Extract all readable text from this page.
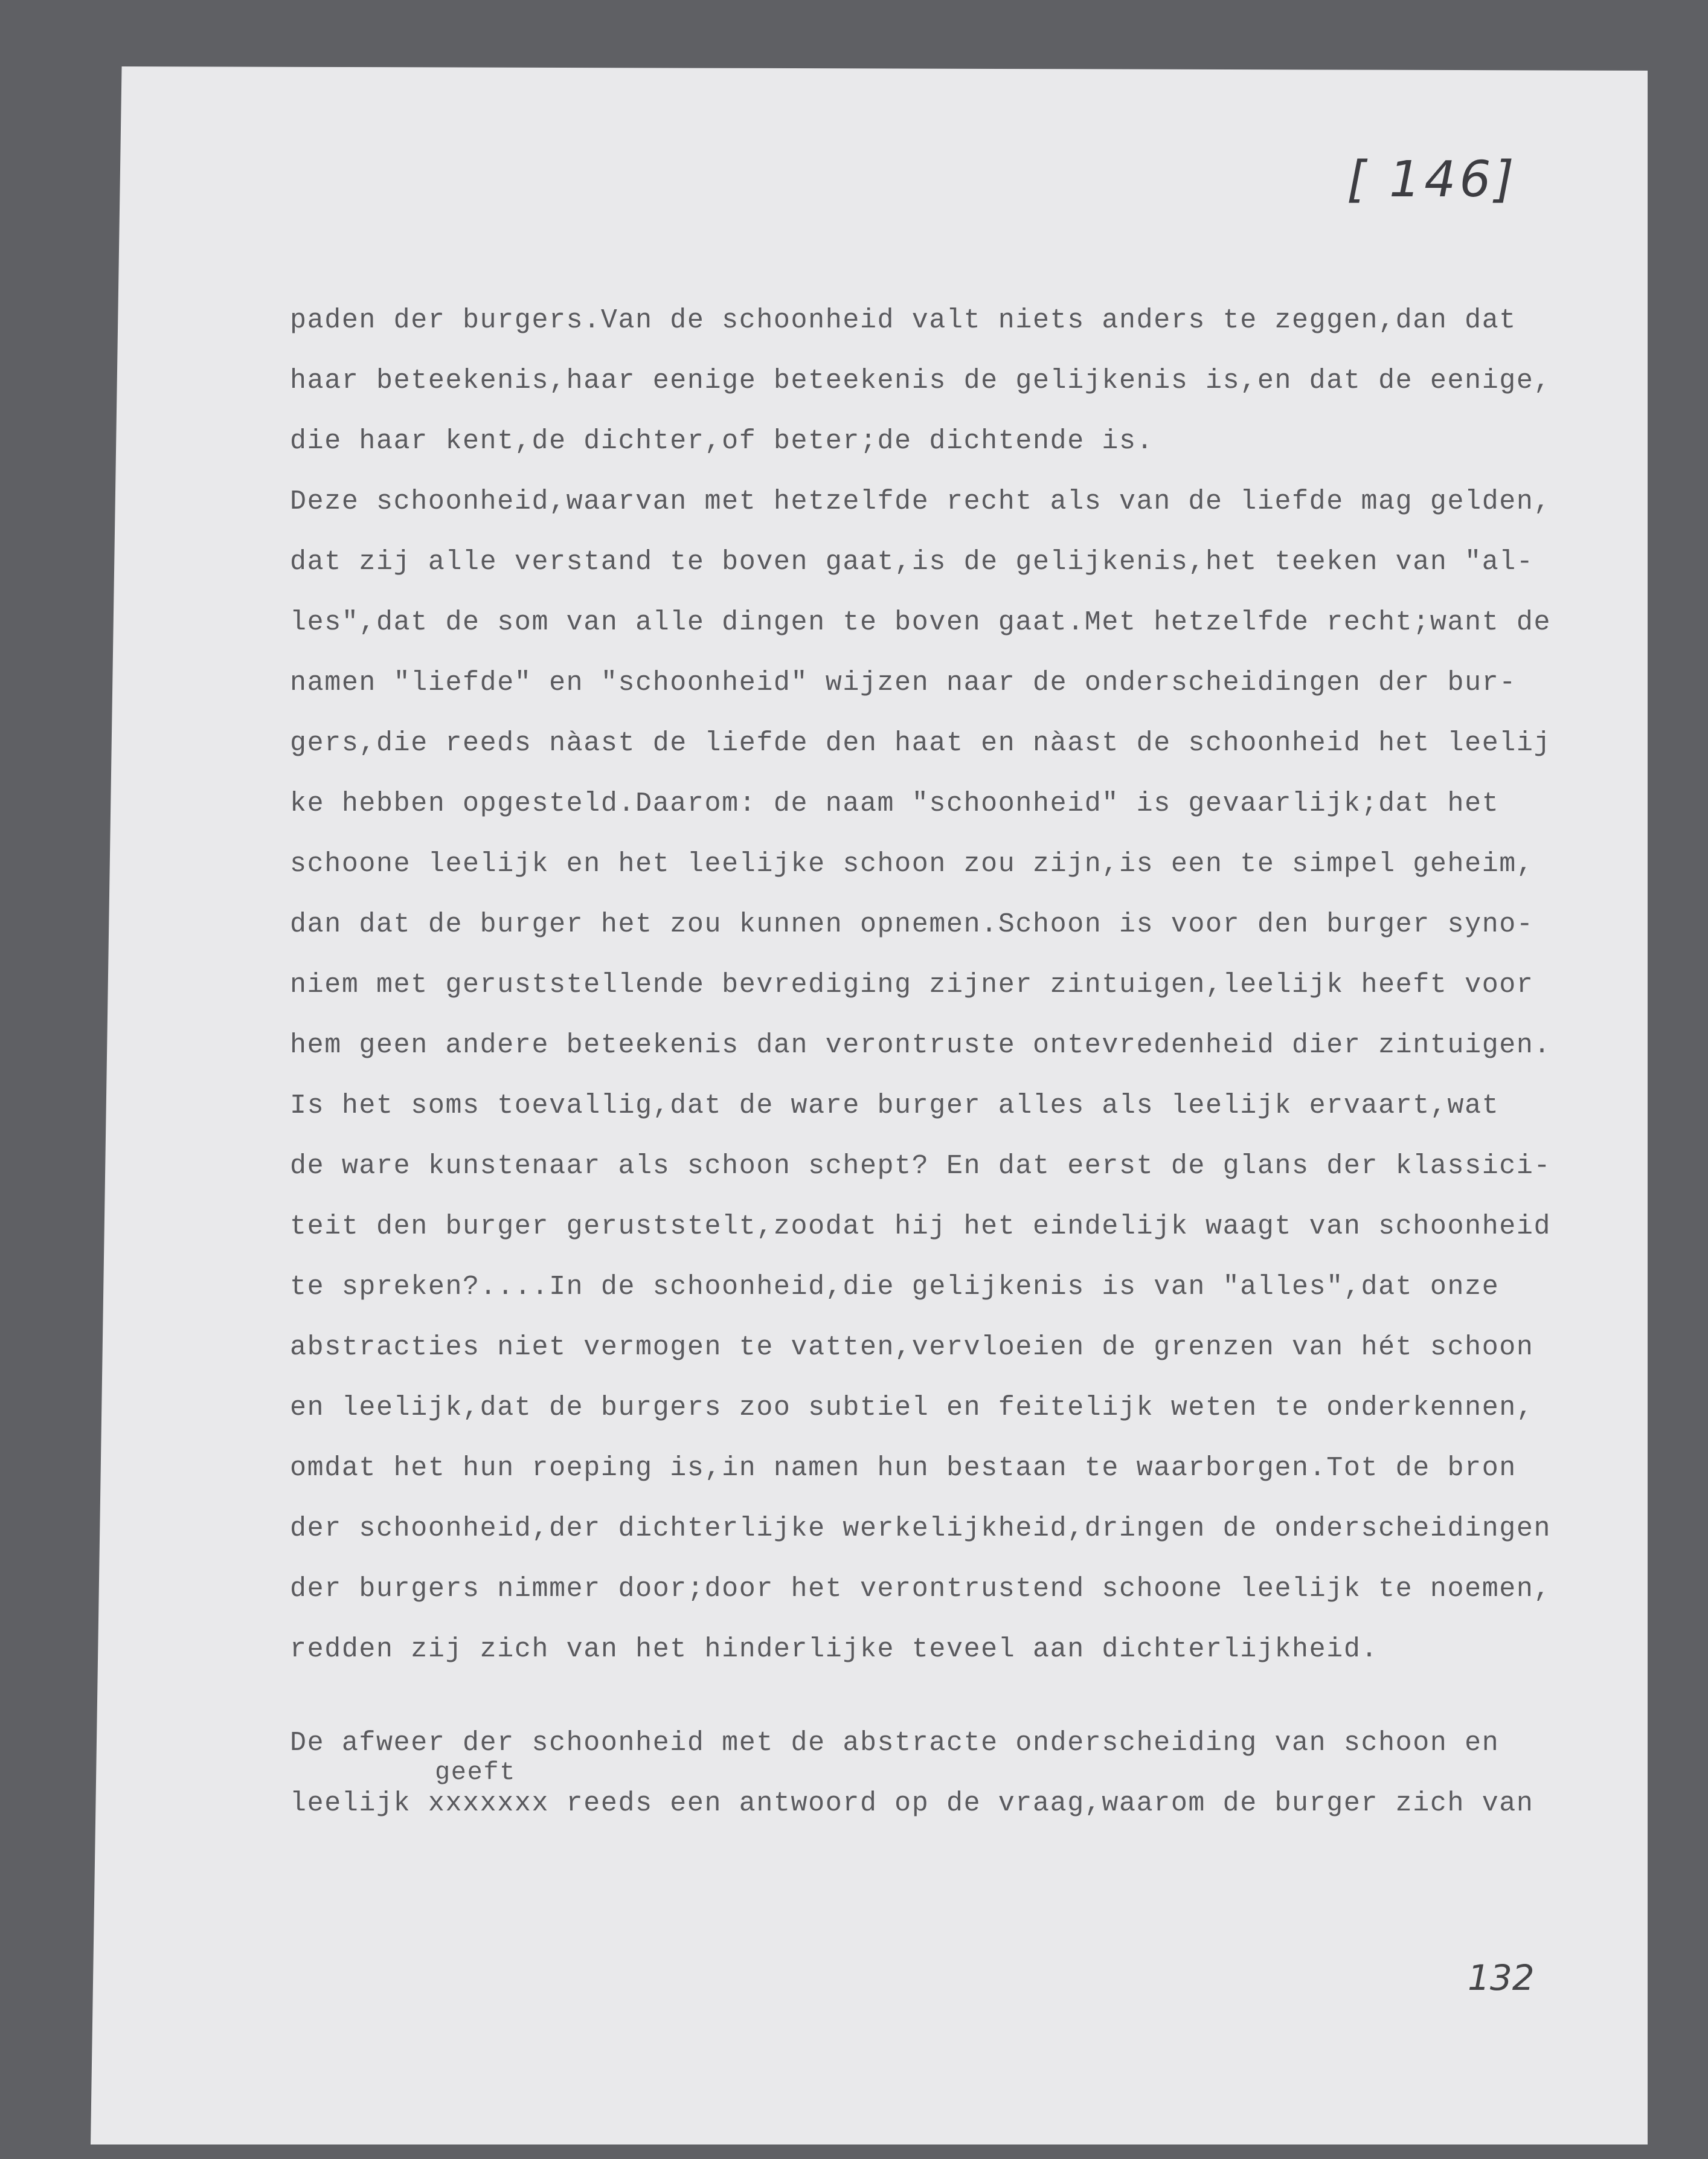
[ 146]
paden der burgers.Van de schoonheid valt niets anders te zeggen,dan dat
haar beteekenis,haar eenige beteekenis de gelijkenis is,en dat de eenige,
die haar kent,de dichter,of beter;de dichtende is.
Deze schoonheid,waarvan met hetzelfde recht als van de liefde mag gelden,
dat zij alle verstand te boven gaat,is de gelijkenis,het teeken van "al-
les",dat de som van alle dingen te boven gaat.Met hetzelfde recht;want de
namen "liefde" en "schoonheid" wijzen naar de onderscheidingen der bur-
gers,die reeds nàast de liefde den haat en nàast de schoonheid het leelij
ke hebben opgesteld.Daarom: de naam "schoonheid" is gevaarlijk;dat het
schoone leelijk en het leelijke schoon zou zijn,is een te simpel geheim,
dan dat de burger het zou kunnen opnemen.Schoon is voor den burger syno-
niem met geruststellende bevrediging zijner zintuigen,leelijk heeft voor
hem geen andere beteekenis dan verontruste ontevredenheid dier zintuigen.
Is het soms toevallig,dat de ware burger alles als leelijk ervaart,wat
de ware kunstenaar als schoon schept? En dat eerst de glans der klassici-
teit den burger geruststelt,zoodat hij het eindelijk waagt van schoonheid
te spreken?....In de schoonheid,die gelijkenis is van "alles",dat onze
abstracties niet vermogen te vatten,vervloeien de grenzen van hét schoon
en leelijk,dat de burgers zoo subtiel en feitelijk weten te onderkennen,
omdat het hun roeping is,in namen hun bestaan te waarborgen.Tot de bron
der schoonheid,der dichterlijke werkelijkheid,dringen de onderscheidingen
der burgers nimmer door;door het verontrustend schoone leelijk te noemen,
redden zij zich van het hinderlijke teveel aan dichterlijkheid.
De afweer der schoonheid met de abstracte onderscheiding van schoon en
geeft
leelijk xxxxxxx reeds een antwoord op de vraag,waarom de burger zich van
132
